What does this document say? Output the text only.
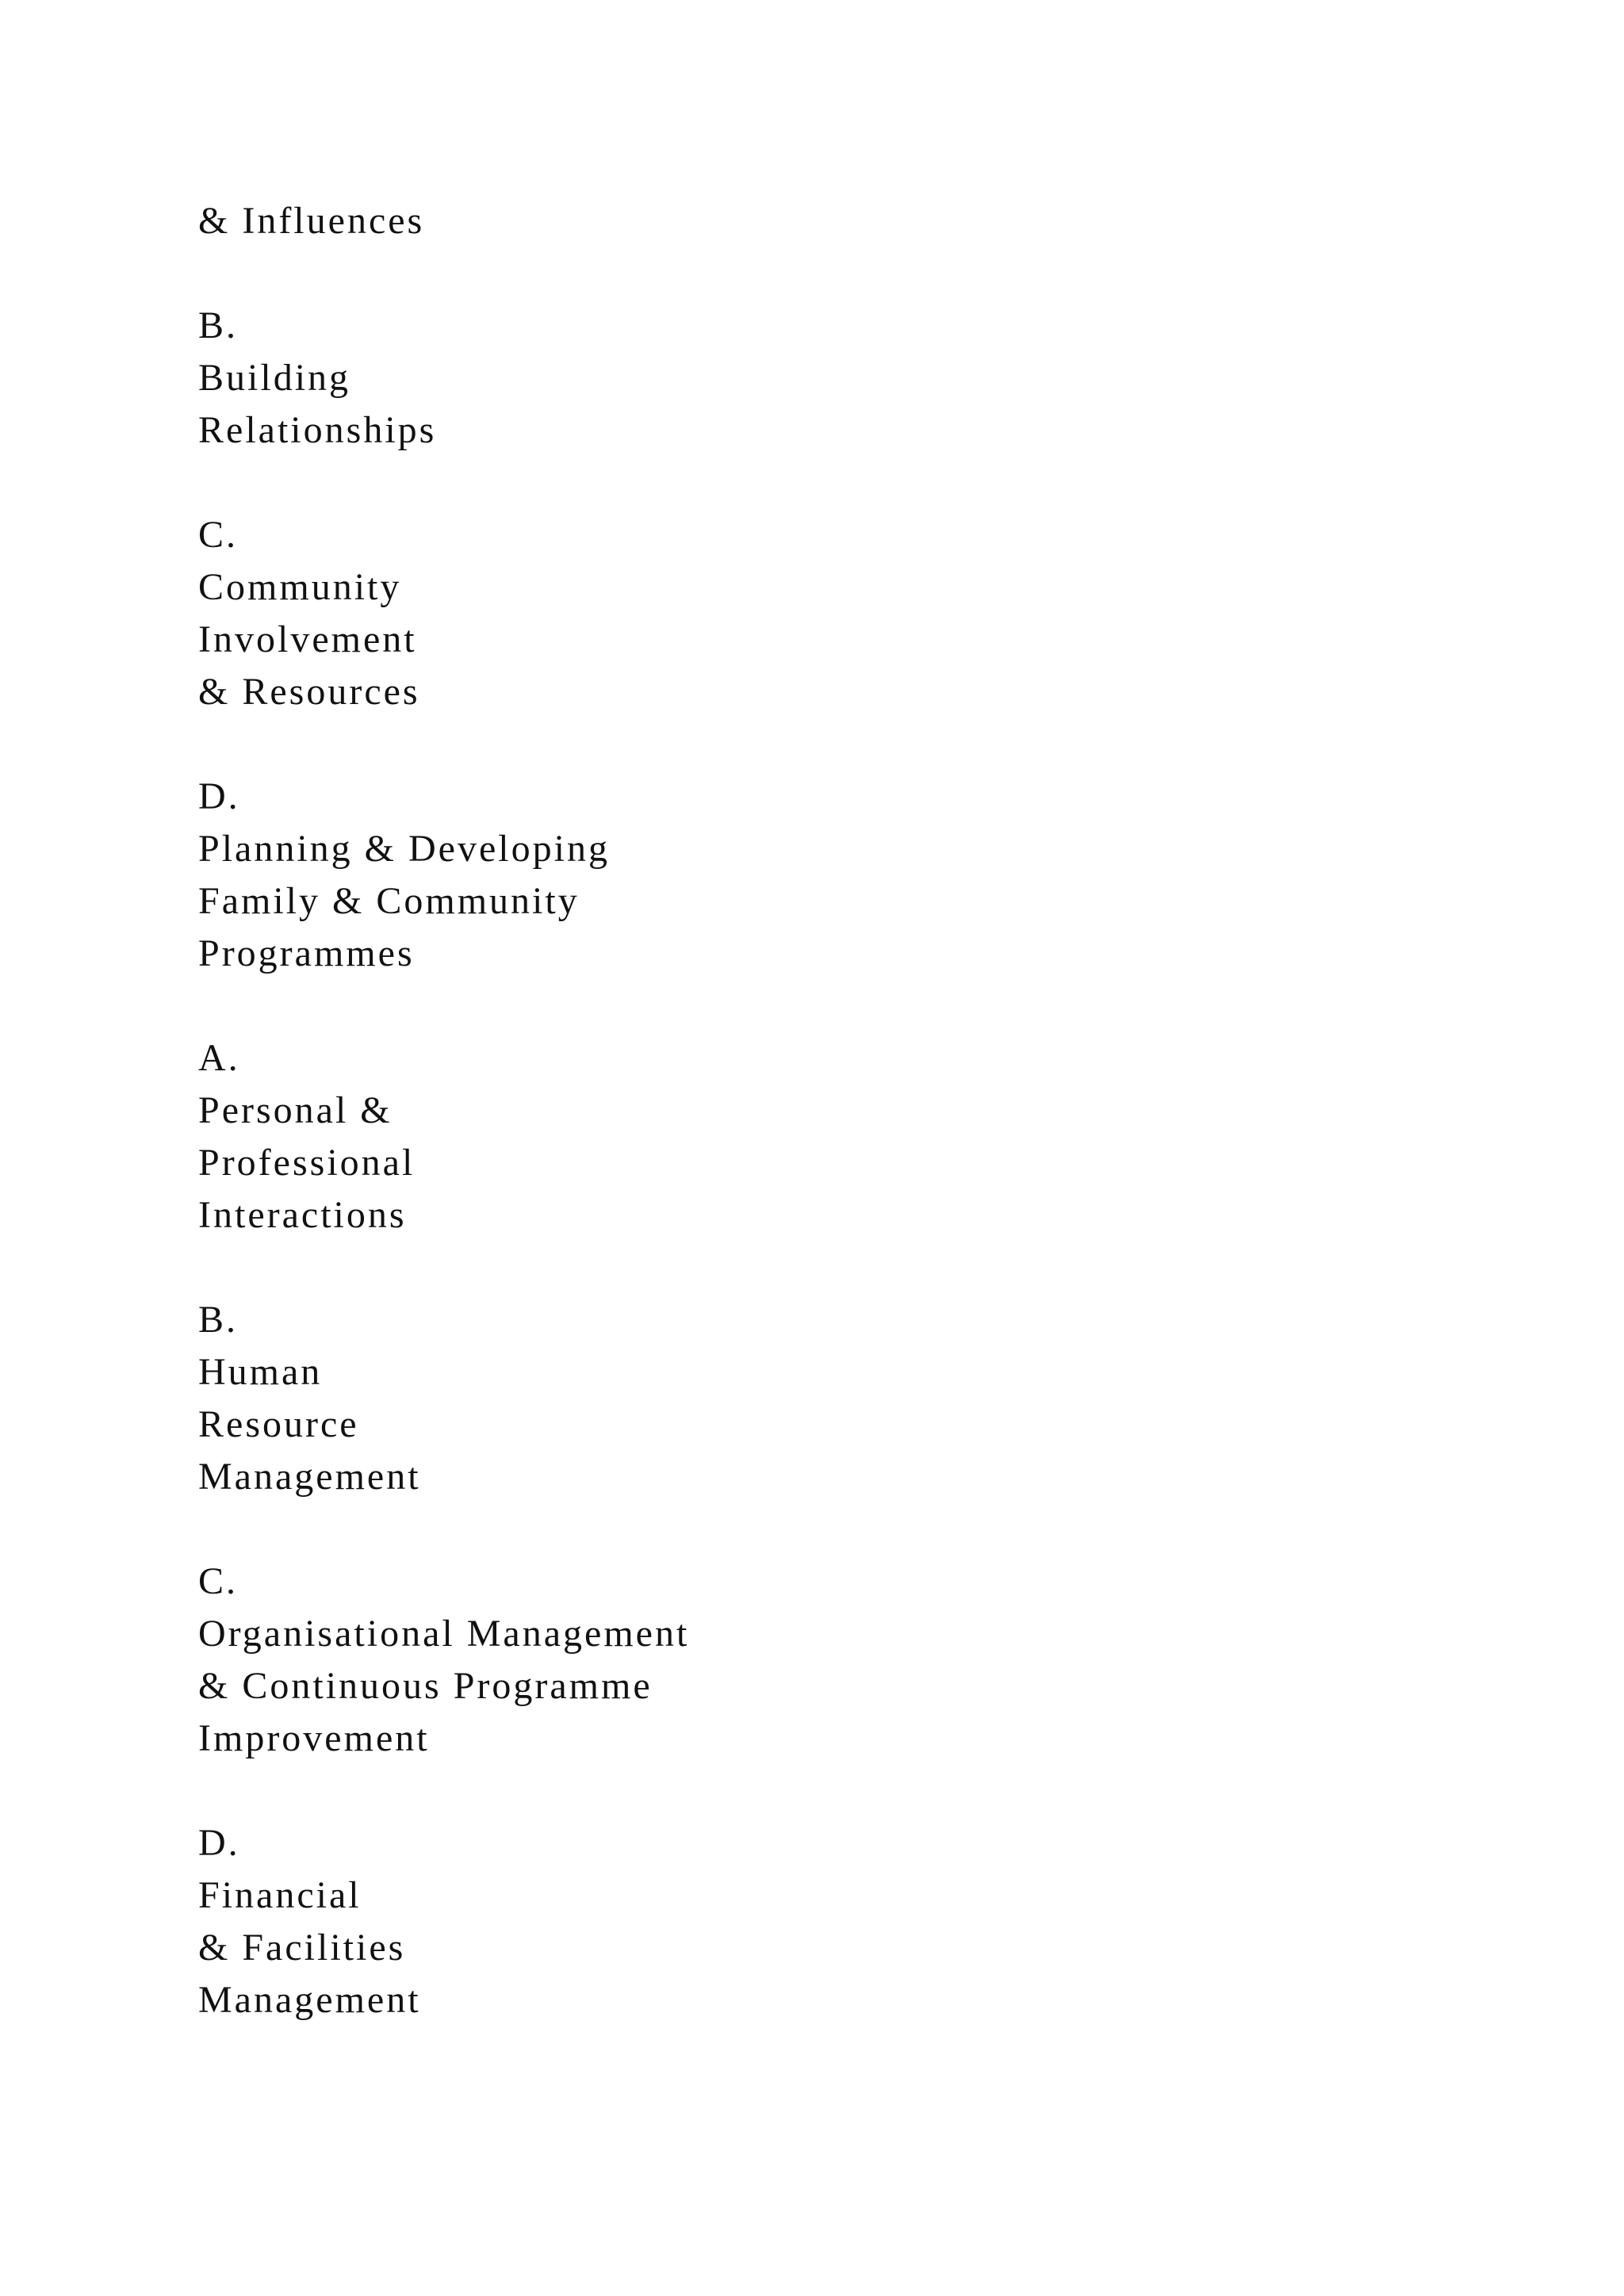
& Influences
B.
Building
Relationships
C.
Community
Involvement
& Resources
D.
Planning & Developing
Family & Community
Programmes
A.
Personal &
Professional
Interactions
B.
Human
Resource
Management
C.
Organisational Management
& Continuous Programme
Improvement
D.
Financial
& Facilities
Management
